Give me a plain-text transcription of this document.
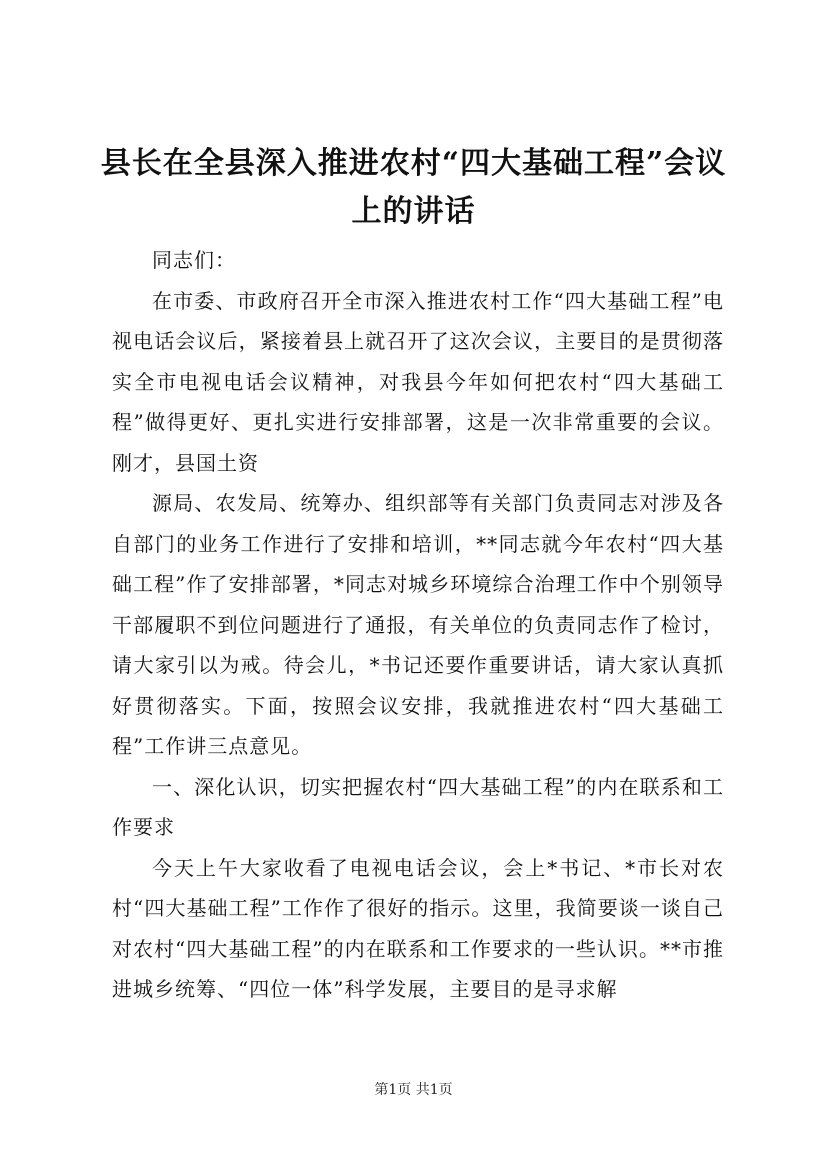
县长在全县深入推进农村“四大基础工程”会议上的讲话

同志们：

在市委、市政府召开全市深入推进农村工作“四大基础工程”电视电话会议后，紧接着县上就召开了这次会议，主要目的是贯彻落实全市电视电话会议精神，对我县今年如何把农村“四大基础工程”做得更好、更扎实进行安排部署，这是一次非常重要的会议。刚才，县国土资

源局、农发局、统筹办、组织部等有关部门负责同志对涉及各自部门的业务工作进行了安排和培训，**同志就今年农村“四大基础工程”作了安排部署，*同志对城乡环境综合治理工作中个别领导干部履职不到位问题进行了通报，有关单位的负责同志作了检讨，请大家引以为戒。待会儿，*书记还要作重要讲话，请大家认真抓好贯彻落实。下面，按照会议安排，我就推进农村“四大基础工程”工作讲三点意见。

一、深化认识，切实把握农村“四大基础工程”的内在联系和工作要求

今天上午大家收看了电视电话会议，会上*书记、*市长对农村“四大基础工程”工作作了很好的指示。这里，我简要谈一谈自己对农村“四大基础工程”的内在联系和工作要求的一些认识。**市推进城乡统筹、“四位一体”科学发展，主要目的是寻求解

第1页 共1页
